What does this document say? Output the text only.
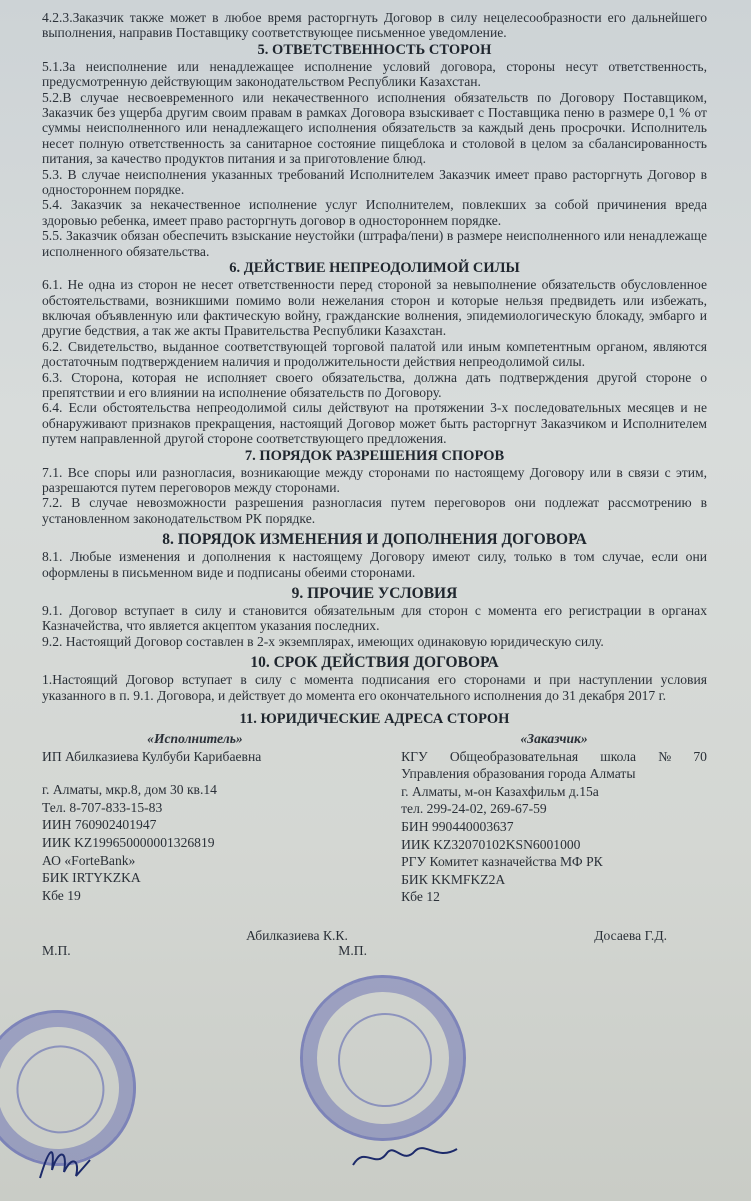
4.2.3.Заказчик также может в любое время расторгнуть Договор в силу нецелесообразности его дальнейшего выполнения, направив Поставщику соответствующее письменное уведомление.

5. ОТВЕТСТВЕННОСТЬ СТОРОН

5.1.За неисполнение или ненадлежащее исполнение условий договора, стороны несут ответственность, предусмотренную действующим законодательством Республики Казахстан.

5.2.В случае несвоевременного или некачественного исполнения обязательств по Договору Поставщиком, Заказчик без ущерба другим своим правам в рамках Договора взыскивает с Поставщика пеню в размере 0,1 % от суммы неисполненного или ненадлежащего исполнения обязательств за каждый день просрочки. Исполнитель несет полную ответственность за санитарное состояние пищеблока и столовой в целом за сбалансированность питания, за качество продуктов питания и за приготовление блюд.

5.3. В случае неисполнения указанных требований Исполнителем Заказчик имеет право расторгнуть Договор в одностороннем порядке.

5.4. Заказчик за некачественное исполнение услуг Исполнителем, повлекших за собой причинения вреда здоровью ребенка, имеет право расторгнуть договор в одностороннем порядке.

5.5. Заказчик обязан обеспечить взыскание неустойки (штрафа/пени) в размере неисполненного или ненадлежаще исполненного обязательства.

6. ДЕЙСТВИЕ НЕПРЕОДОЛИМОЙ СИЛЫ

6.1. Не одна из сторон не несет ответственности перед стороной за невыполнение обязательств обусловленное обстоятельствами, возникшими помимо воли нежелания сторон и которые нельзя предвидеть или избежать, включая объявленную или фактическую войну, гражданские волнения, эпидемиологическую блокаду, эмбарго и другие бедствия, а так же акты Правительства Республики Казахстан.

6.2. Свидетельство, выданное соответствующей торговой палатой или иным компетентным органом, являются достаточным подтверждением наличия и продолжительности действия непреодолимой силы.

6.3. Сторона, которая не исполняет своего обязательства, должна дать подтверждения другой стороне о препятствии и его влиянии на исполнение обязательств по Договору.

6.4. Если обстоятельства непреодолимой силы действуют на протяжении 3-х последовательных месяцев и не обнаруживают признаков прекращения, настоящий Договор может быть расторгнут Заказчиком и Исполнителем путем направленной другой стороне соответствующего предложения.

7. ПОРЯДОК РАЗРЕШЕНИЯ СПОРОВ

7.1. Все споры или разногласия, возникающие между сторонами по настоящему Договору или в связи с этим, разрешаются путем переговоров между сторонами.

7.2. В случае невозможности разрешения разногласия путем переговоров они подлежат рассмотрению в установленном законодательством РК порядке.

8. ПОРЯДОК ИЗМЕНЕНИЯ И ДОПОЛНЕНИЯ ДОГОВОРА

8.1. Любые изменения и дополнения к настоящему Договору имеют силу, только в том случае, если они оформлены в письменном виде и подписаны обеими сторонами.

9. ПРОЧИЕ УСЛОВИЯ

9.1. Договор вступает в силу и становится обязательным для сторон с момента его регистрации в органах Казначейства, что является акцептом указания последних.

9.2. Настоящий Договор составлен в 2-х экземплярах, имеющих одинаковую юридическую силу.

10. СРОК ДЕЙСТВИЯ ДОГОВОРА

1.Настоящий Договор вступает в силу с момента подписания его сторонами и при наступлении условия указанного в п. 9.1. Договора, и действует до момента его окончательного исполнения до 31 декабря 2017 г.

11. ЮРИДИЧЕСКИЕ АДРЕСА СТОРОН
«Исполнитель»
ИП Абилказиева Кулбуби Карибаевна
г. Алматы, мкр.8, дом 30 кв.14
Тел. 8-707-833-15-83
ИИН 760902401947
ИИК KZ199650000001326819
АО «ForteBank»
БИК IRTYKZKA
Кбе 19
«Заказчик»
КГУ Общеобразовательная школа № 70
Управления образования города Алматы
г. Алматы, м-он Казахфильм д.15а
тел. 299-24-02, 269-67-59
БИН 990440003637
ИИК KZ32070102KSN6001000
РГУ Комитет казначейства МФ РК
БИК KKMFKZ2A
Кбе 12
Абилказиева К.К.	Досаева Г.Д.
М.П.	М.П.
